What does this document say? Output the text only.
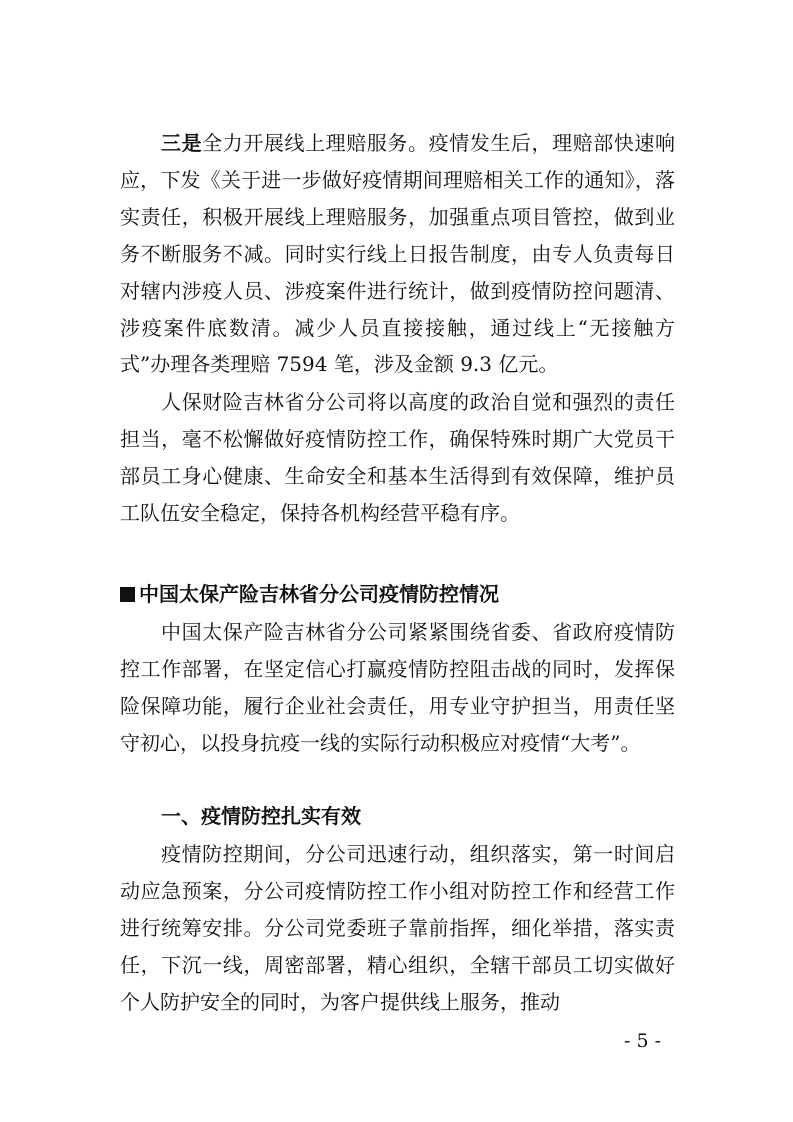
三是全力开展线上理赔服务。疫情发生后，理赔部快速响应，下发《关于进一步做好疫情期间理赔相关工作的通知》，落实责任，积极开展线上理赔服务，加强重点项目管控，做到业务不断服务不减。同时实行线上日报告制度，由专人负责每日对辖内涉疫人员、涉疫案件进行统计，做到疫情防控问题清、涉疫案件底数清。减少人员直接接触，通过线上“无接触方式”办理各类理赔 7594 笔，涉及金额 9.3 亿元。

人保财险吉林省分公司将以高度的政治自觉和强烈的责任担当，毫不松懈做好疫情防控工作，确保特殊时期广大党员干部员工身心健康、生命安全和基本生活得到有效保障，维护员工队伍安全稳定，保持各机构经营平稳有序。

中国太保产险吉林省分公司疫情防控情况

中国太保产险吉林省分公司紧紧围绕省委、省政府疫情防控工作部署，在坚定信心打赢疫情防控阻击战的同时，发挥保险保障功能，履行企业社会责任，用专业守护担当，用责任坚守初心，以投身抗疫一线的实际行动积极应对疫情“大考”。

一、疫情防控扎实有效

疫情防控期间，分公司迅速行动，组织落实，第一时间启动应急预案，分公司疫情防控工作小组对防控工作和经营工作进行统筹安排。分公司党委班子靠前指挥，细化举措，落实责任，下沉一线，周密部署，精心组织，全辖干部员工切实做好个人防护安全的同时，为客户提供线上服务，推动

- 5 -
